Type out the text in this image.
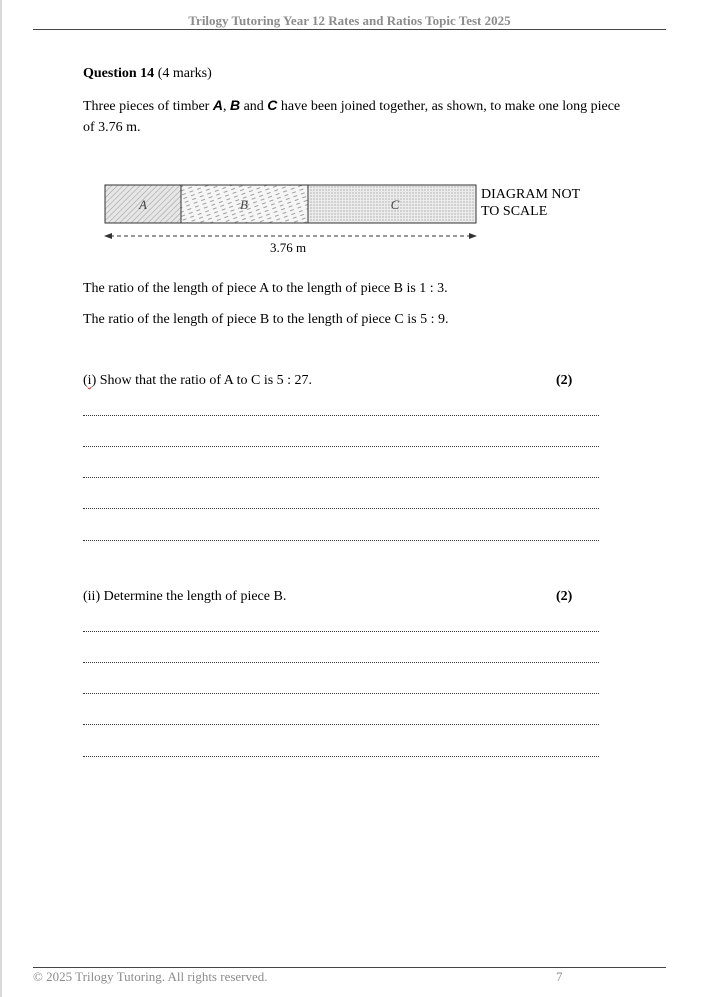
Trilogy Tutoring Year 12 Rates and Ratios Topic Test 2025
Question 14 (4 marks)
Three pieces of timber A, B and C have been joined together, as shown, to make one long piece of 3.76 m.
A	B	C
DIAGRAM NOT
TO SCALE
3.76 m
The ratio of the length of piece A to the length of piece B is 1 : 3.
The ratio of the length of piece B to the length of piece C is 5 : 9.
(i) Show that the ratio of A to C is 5 : 27.	(2)
(ii) Determine the length of piece B.	(2)
© 2025 Trilogy Tutoring. All rights reserved.	7
